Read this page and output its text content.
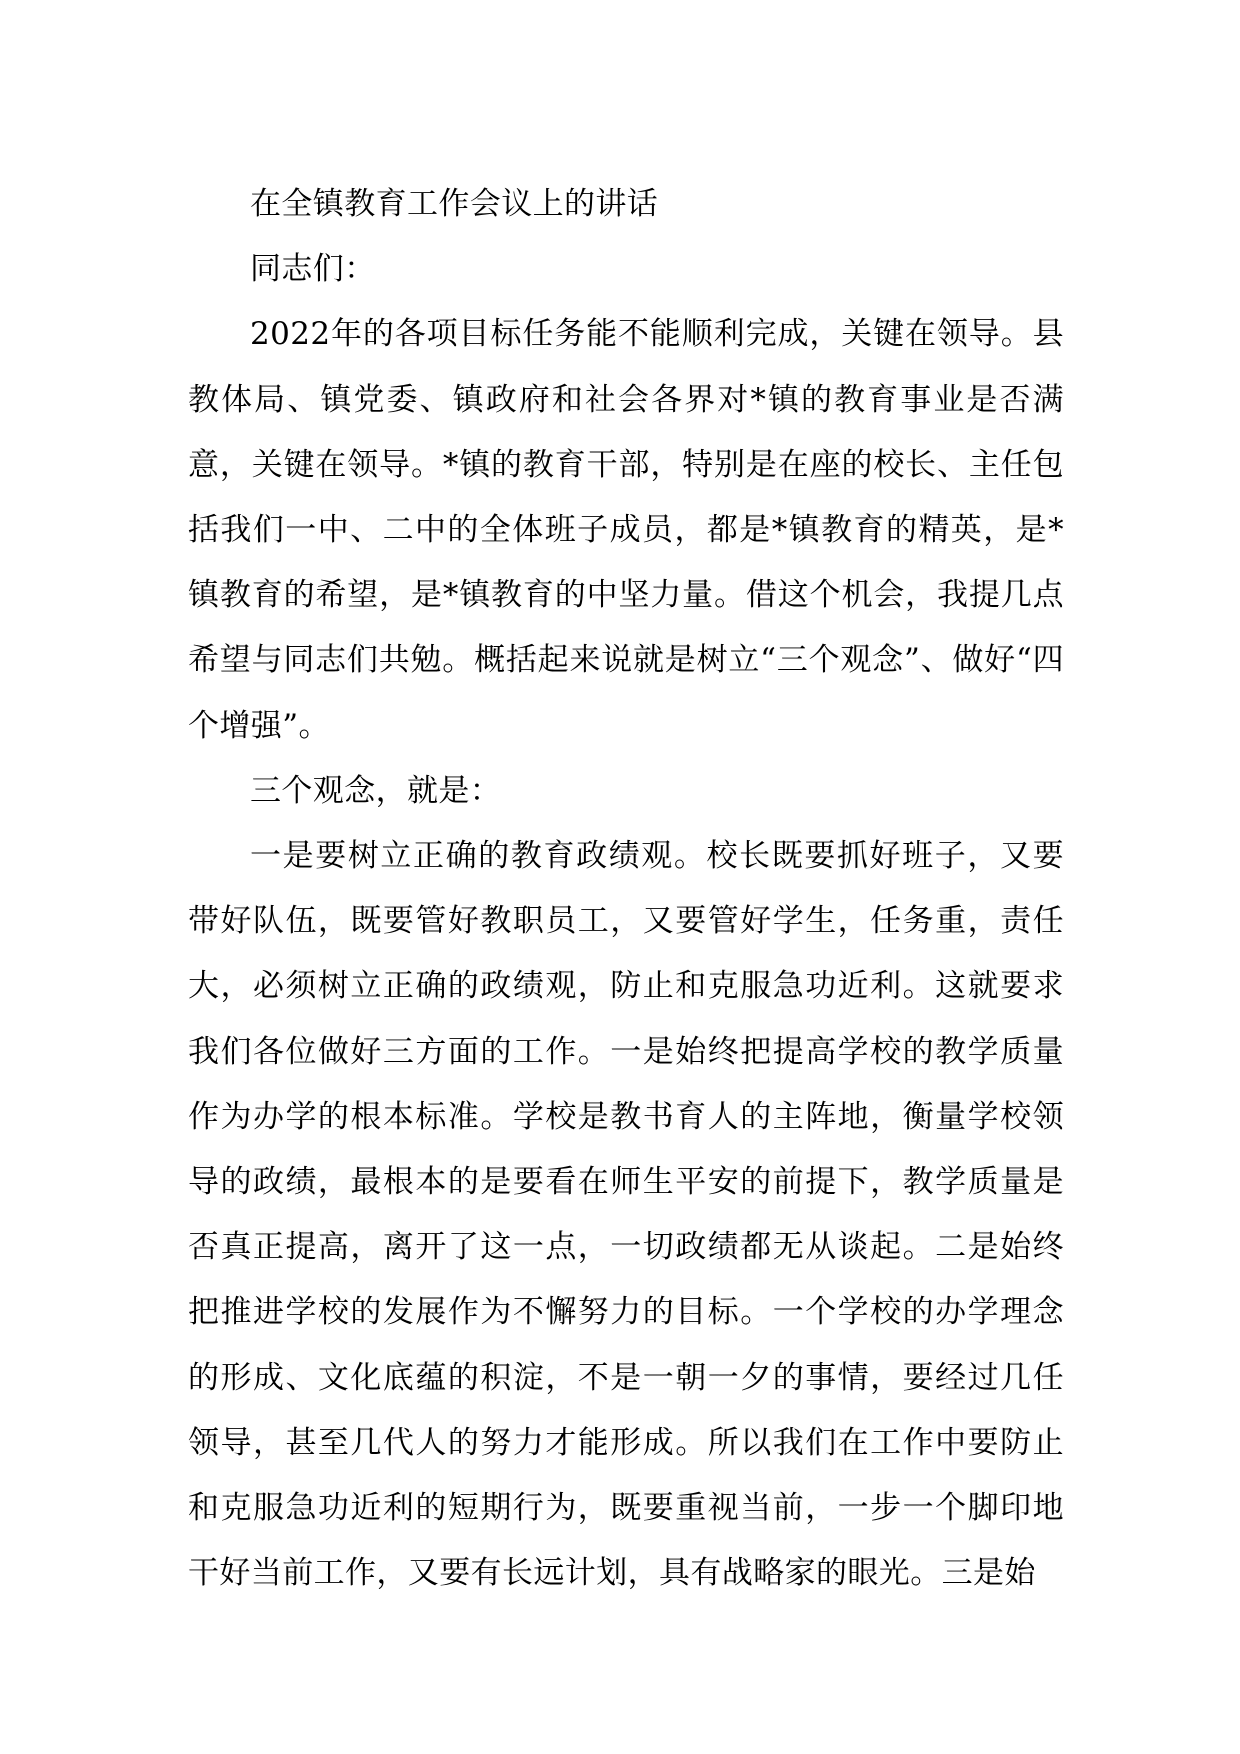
在全镇教育工作会议上的讲话

同志们：

2022年的各项目标任务能不能顺利完成，关键在领导。县教体局、镇党委、镇政府和社会各界对*镇的教育事业是否满意，关键在领导。*镇的教育干部，特别是在座的校长、主任包括我们一中、二中的全体班子成员，都是*镇教育的精英，是*镇教育的希望，是*镇教育的中坚力量。借这个机会，我提几点希望与同志们共勉。概括起来说就是树立“三个观念”、做好“四个增强”。

三个观念，就是：

一是要树立正确的教育政绩观。校长既要抓好班子，又要带好队伍，既要管好教职员工，又要管好学生，任务重，责任大，必须树立正确的政绩观，防止和克服急功近利。这就要求我们各位做好三方面的工作。一是始终把提高学校的教学质量作为办学的根本标准。学校是教书育人的主阵地，衡量学校领导的政绩，最根本的是要看在师生平安的前提下，教学质量是否真正提高，离开了这一点，一切政绩都无从谈起。二是始终把推进学校的发展作为不懈努力的目标。一个学校的办学理念的形成、文化底蕴的积淀，不是一朝一夕的事情，要经过几任领导，甚至几代人的努力才能形成。所以我们在工作中要防止和克服急功近利的短期行为，既要重视当前，一步一个脚印地干好当前工作，又要有长远计划，具有战略家的眼光。三是始
